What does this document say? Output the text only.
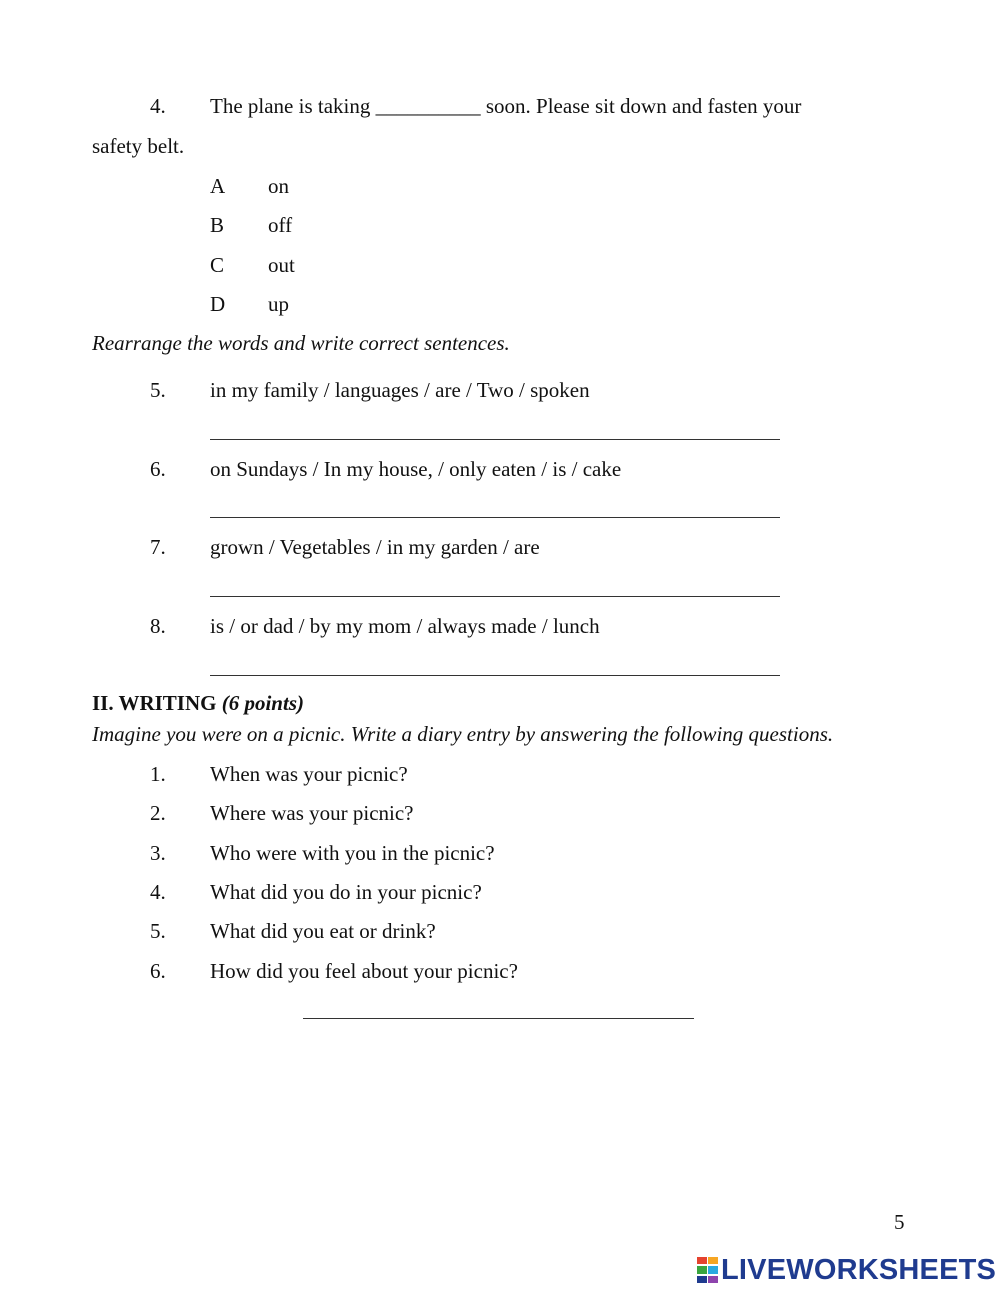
4. The plane is taking __________ soon. Please sit down and fasten your
safety belt.
A on
B off
C out
D up
Rearrange the words and write correct sentences.
5. in my family / languages / are / Two / spoken
6. on Sundays / In my house, / only eaten / is / cake
7. grown / Vegetables / in my garden / are
8. is / or dad / by my mom / always made / lunch
II. WRITING (6 points)
Imagine you were on a picnic. Write a diary entry by answering the following questions.
1. When was your picnic?
2. Where was your picnic?
3. Who were with you in the picnic?
4. What did you do in your picnic?
5. What did you eat or drink?
6. How did you feel about your picnic?
5
LIVEWORKSHEETS
